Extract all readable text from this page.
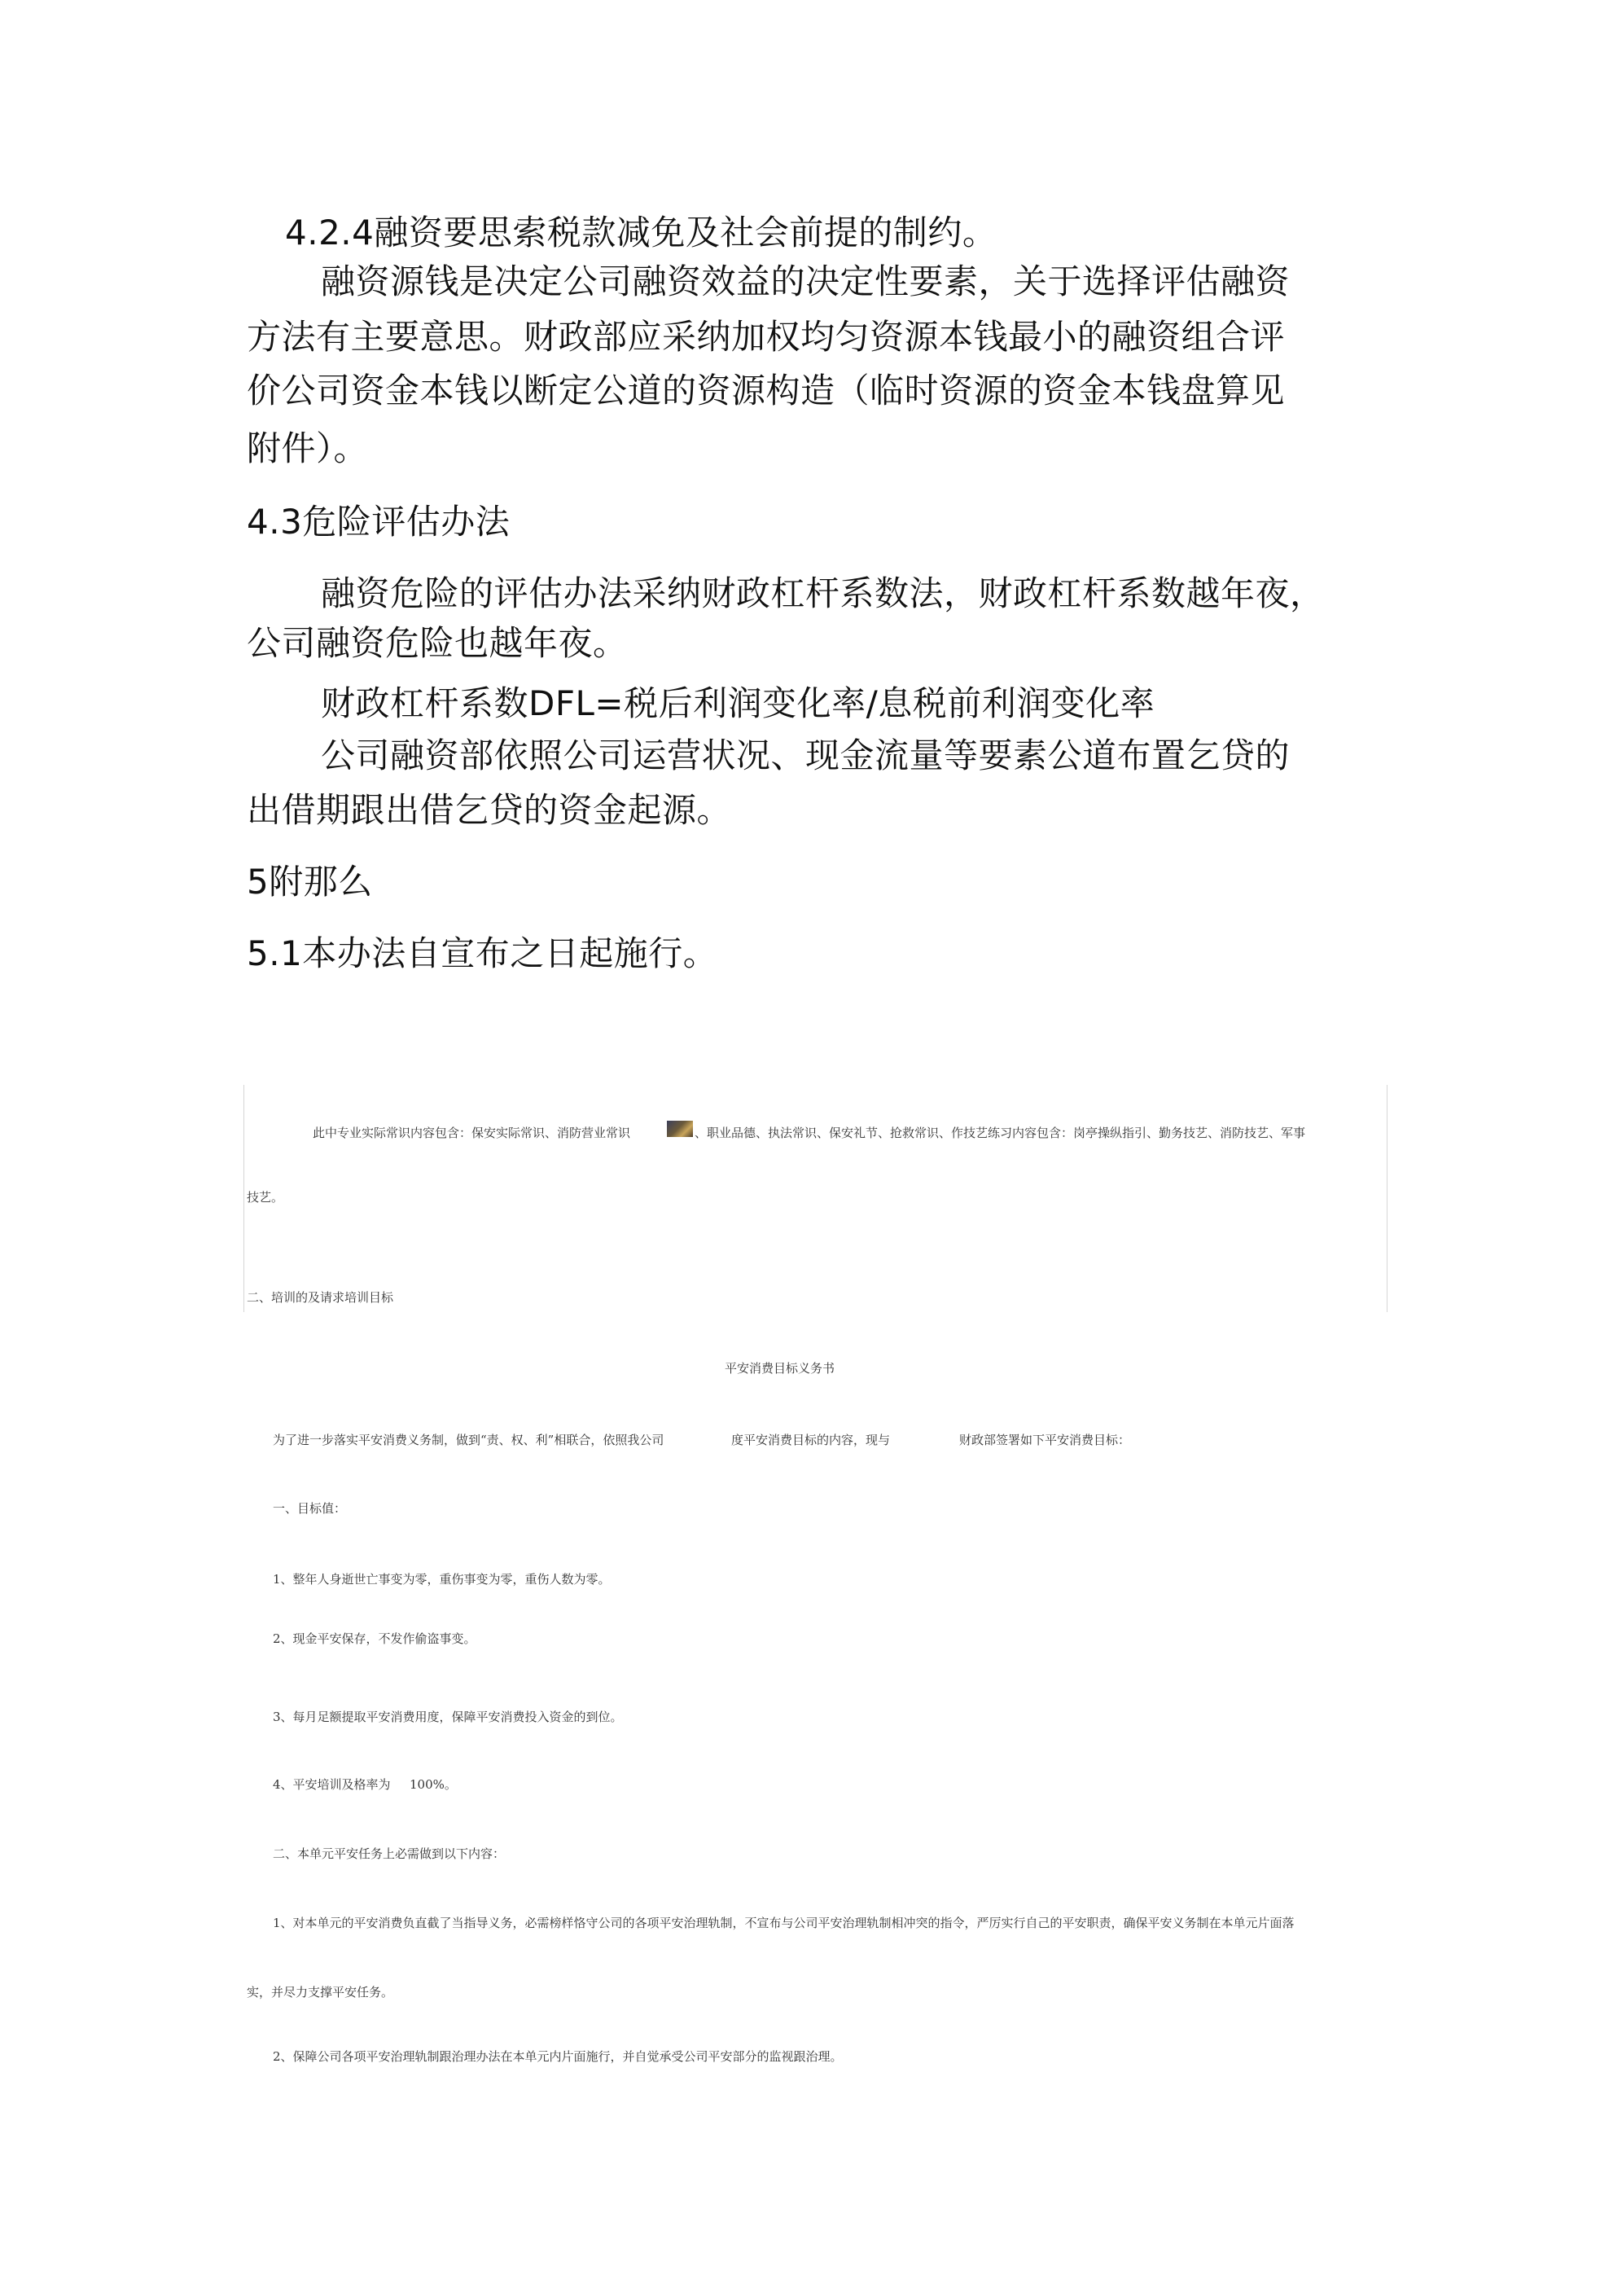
4.2.4融资要思索税款减免及社会前提的制约。
融资源钱是决定公司融资效益的决定性要素，关于选择评估融资
方法有主要意思。财政部应采纳加权均匀资源本钱最小的融资组合评
价公司资金本钱以断定公道的资源构造（临时资源的资金本钱盘算见
附件）。
4.3危险评估办法
融资危险的评估办法采纳财政杠杆系数法，财政杠杆系数越年夜，
公司融资危险也越年夜。
财政杠杆系数DFL=税后利润变化率/息税前利润变化率
公司融资部依照公司运营状况、现金流量等要素公道布置乞贷的
出借期跟出借乞贷的资金起源。
5附那么
5.1本办法自宣布之日起施行。
此中专业实际常识内容包含：保安实际常识、消防营业常识	、职业品德、执法常识、保安礼节、抢救常识、作技艺练习内容包含：岗亭操纵指引、勤务技艺、消防技艺、军事
技艺。
二、培训的及请求培训目标
平安消费目标义务书
为了进一步落实平安消费义务制，做到“责、权、利”相联合，依照我公司	度平安消费目标的内容，现与	财政部签署如下平安消费目标：
一、目标值：
1、整年人身逝世亡事变为零，重伤事变为零，重伤人数为零。
2、现金平安保存，不发作偷盗事变。
3、每月足额提取平安消费用度，保障平安消费投入资金的到位。
4、平安培训及格率为 100%。
二、本单元平安任务上必需做到以下内容：
1、对本单元的平安消费负直截了当指导义务，必需榜样恪守公司的各项平安治理轨制，不宣布与公司平安治理轨制相冲突的指令，严厉实行自己的平安职责，确保平安义务制在本单元片面落
实，并尽力支撑平安任务。
2、保障公司各项平安治理轨制跟治理办法在本单元内片面施行，并自觉承受公司平安部分的监视跟治理。
